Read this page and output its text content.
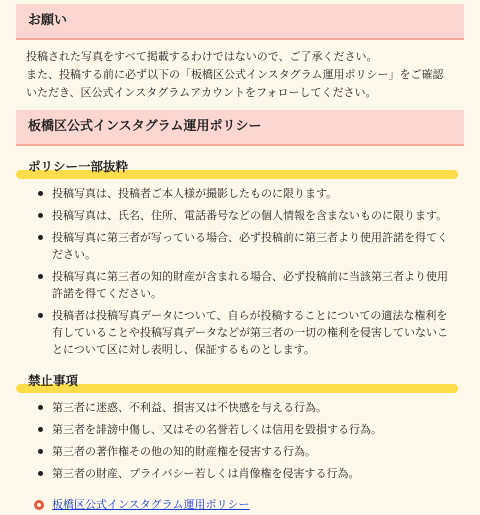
お願い

投稿された写真をすべて掲載するわけではないので、ご了承ください。

また、投稿する前に必ず以下の「板橋区公式インスタグラム運用ポリシー」をご確認いただき、区公式インスタグラムアカウントをフォローしてください。

板橋区公式インスタグラム運用ポリシー
ポリシー一部抜粋
投稿写真は、投稿者ご本人様が撮影したものに限ります。
投稿写真は、氏名、住所、電話番号などの個人情報を含まないものに限ります。
投稿写真に第三者が写っている場合、必ず投稿前に第三者より使用許諾を得てください。
投稿写真に第三者の知的財産が含まれる場合、必ず投稿前に当該第三者より使用許諾を得てください。
投稿者は投稿写真データについて、自らが投稿することについての適法な権利を有していることや投稿写真データなどが第三者の一切の権利を侵害していないことについて区に対し表明し、保証するものとします。
禁止事項
第三者に迷惑、不利益、損害又は不快感を与える行為。
第三者を誹謗中傷し、又はその名誉若しくは信用を毀損する行為。
第三者の著作権その他の知的財産権を侵害する行為。
第三者の財産、プライバシー若しくは肖像権を侵害する行為。
板橋区公式インスタグラム運用ポリシー
